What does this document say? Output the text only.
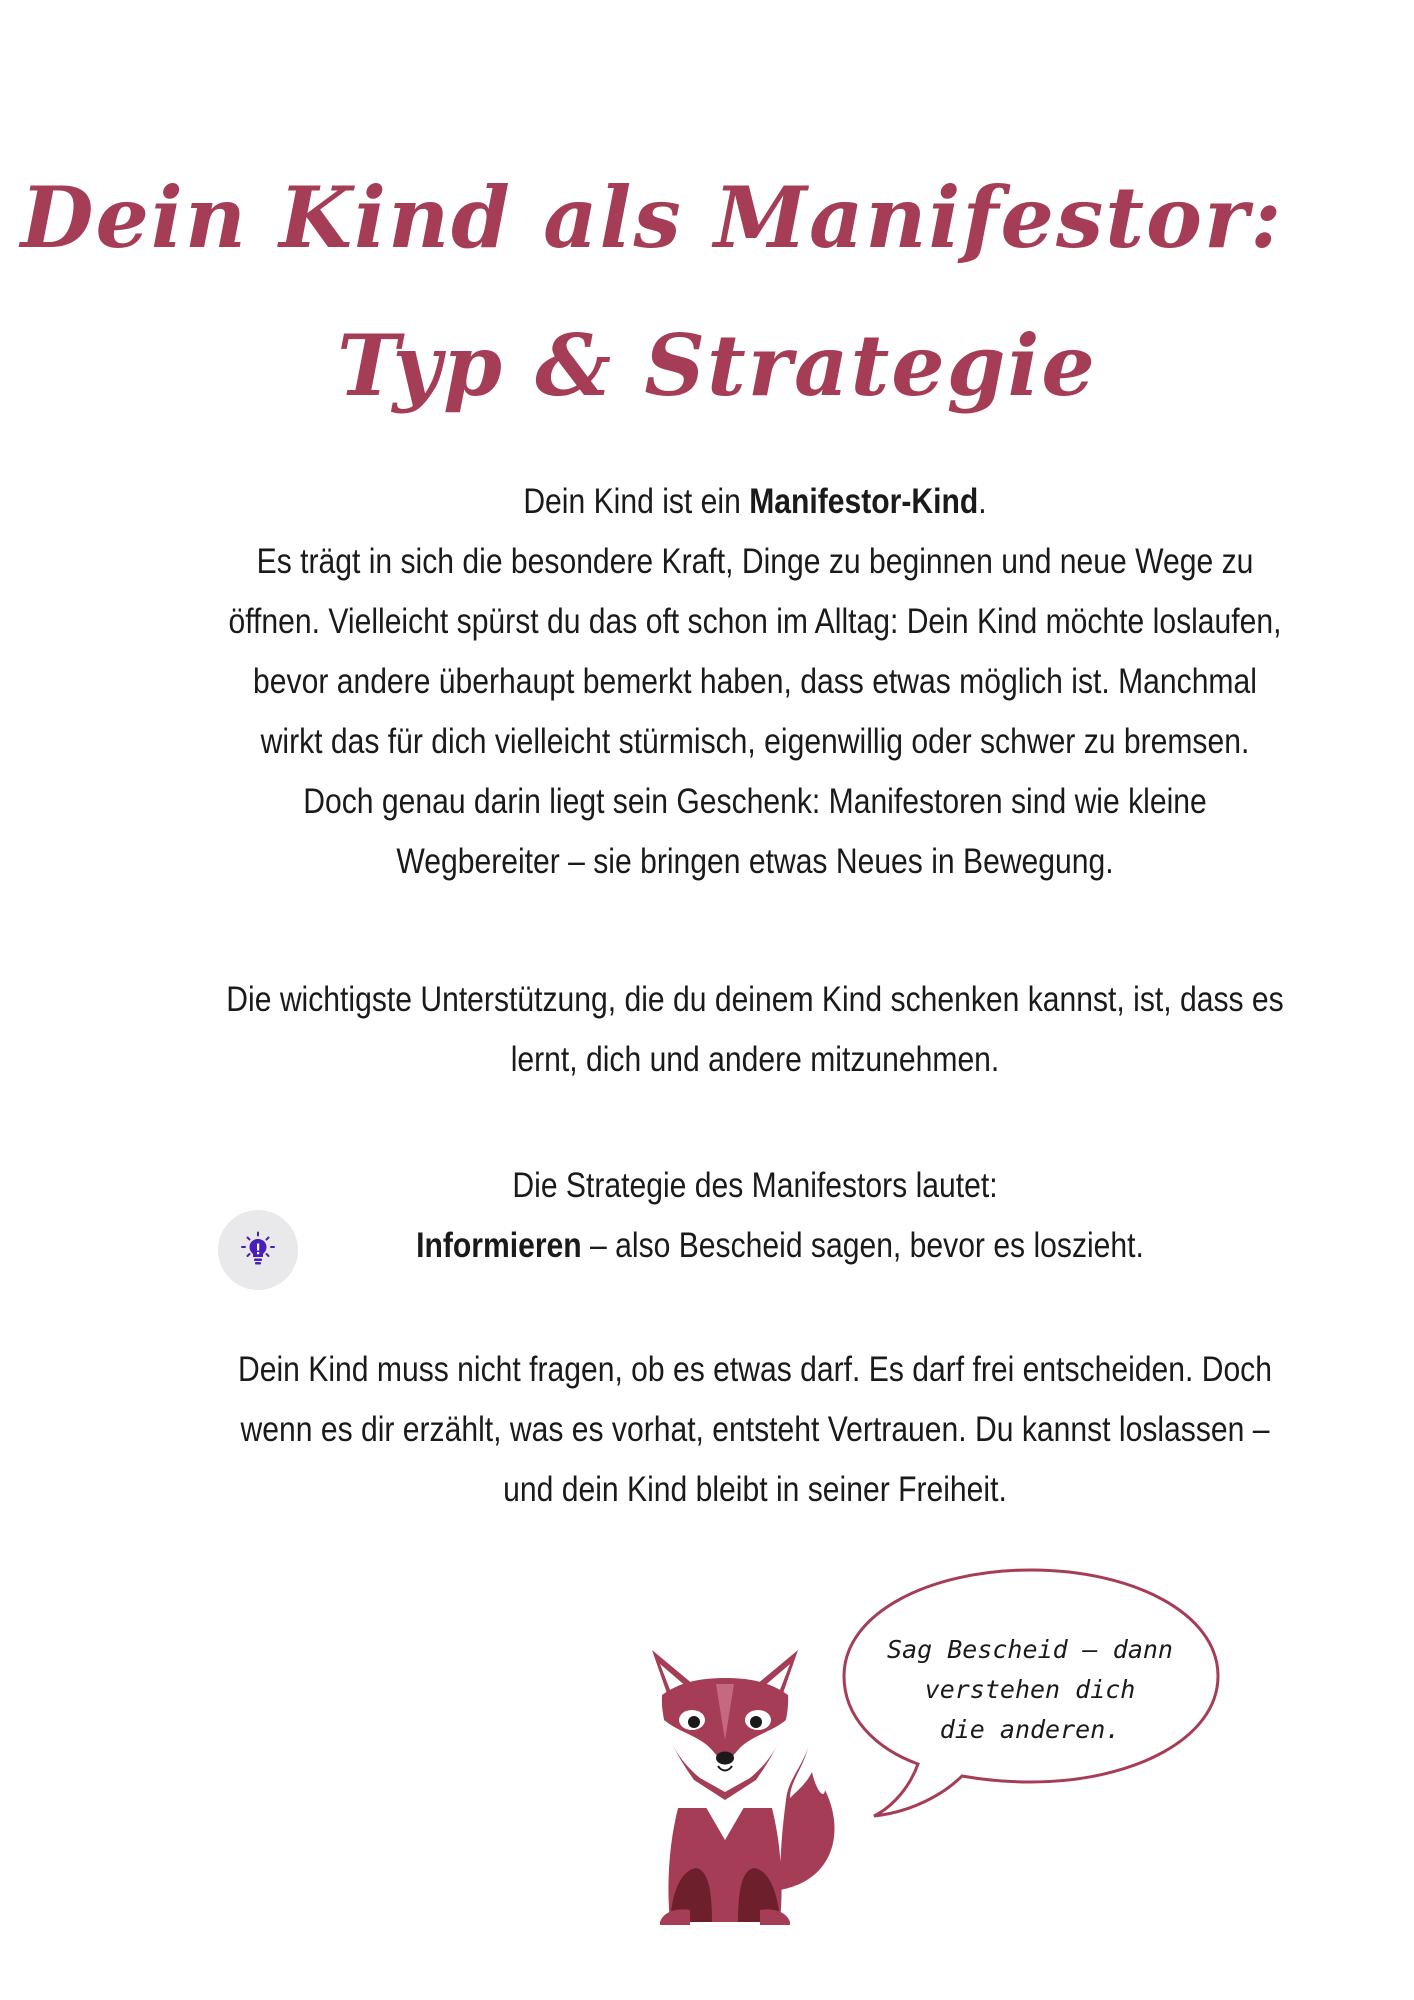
Dein Kind als Manifestor:
Typ & Strategie

Dein Kind ist ein Manifestor-Kind.

Es trägt in sich die besondere Kraft, Dinge zu beginnen und neue Wege zu öffnen. Vielleicht spürst du das oft schon im Alltag: Dein Kind möchte loslaufen, bevor andere überhaupt bemerkt haben, dass etwas möglich ist. Manchmal wirkt das für dich vielleicht stürmisch, eigenwillig oder schwer zu bremsen. Doch genau darin liegt sein Geschenk: Manifestoren sind wie kleine Wegbereiter – sie bringen etwas Neues in Bewegung.

Die wichtigste Unterstützung, die du deinem Kind schenken kannst, ist, dass es lernt, dich und andere mitzunehmen.

Die Strategie des Manifestors lautet:

Informieren – also Bescheid sagen, bevor es loszieht.

Dein Kind muss nicht fragen, ob es etwas darf. Es darf frei entscheiden. Doch wenn es dir erzählt, was es vorhat, entsteht Vertrauen. Du kannst loslassen – und dein Kind bleibt in seiner Freiheit.

Sag Bescheid – dann
verstehen dich
die anderen.
